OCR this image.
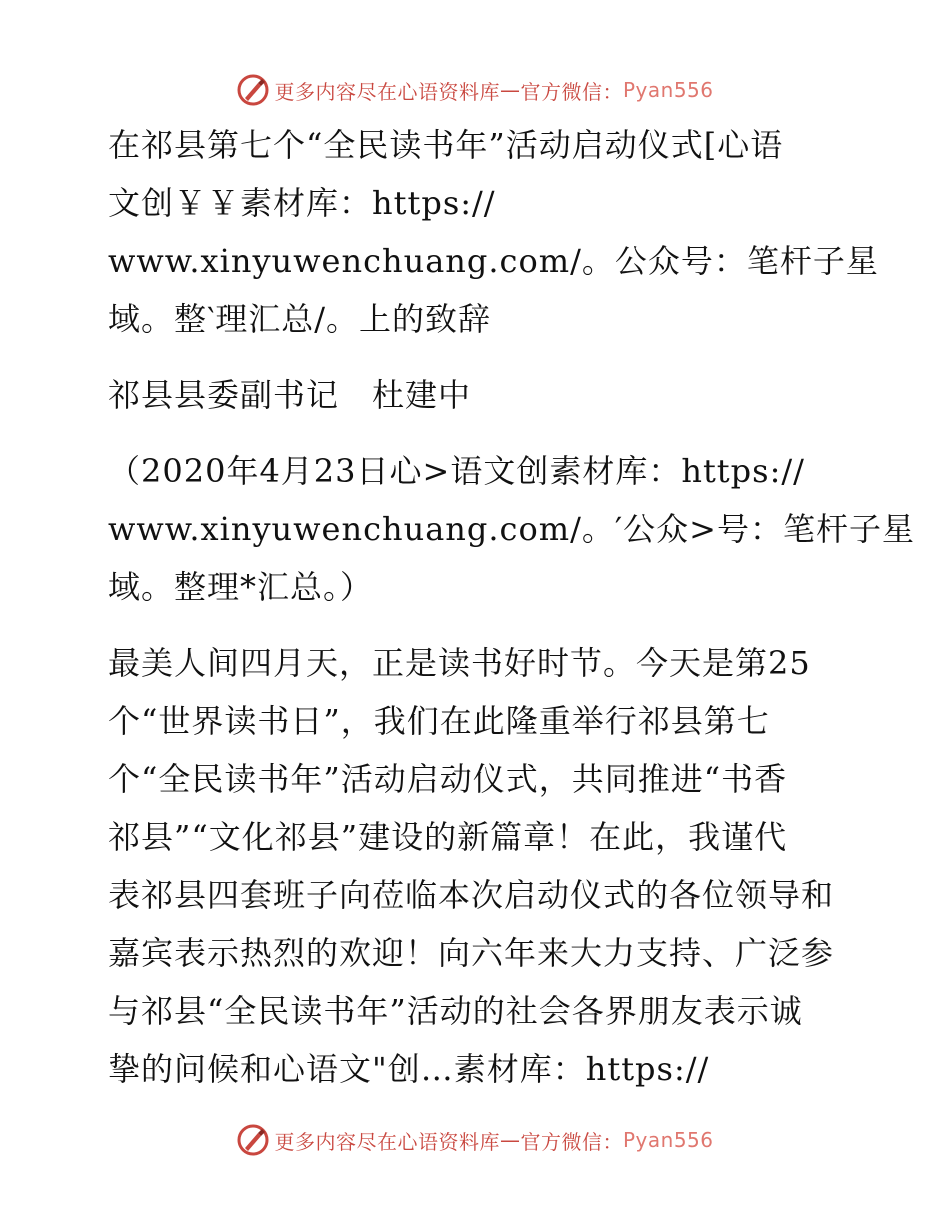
更多内容尽在心语资料库 — 官方微信： Pyan556
在祁县第七个“全民读书年”活动启动仪式[心语
文创￥￥素材库：https://
www.xinyuwenchuang.com/。公众号：笔杆子星
域。整‵理汇总/。上的致辞
祁县县委副书记　杜建中
（2020年4月23日心>语文创素材库：https://
www.xinyuwenchuang.com/。′公众>号：笔杆子星
域。整理*汇总。）
最美人间四月天，正是读书好时节。今天是第25
个“世界读书日”，我们在此隆重举行祁县第七
个“全民读书年”活动启动仪式，共同推进“书香
祁县”“文化祁县”建设的新篇章！在此，我谨代
表祁县四套班子向莅临本次启动仪式的各位领导和
嘉宾表示热烈的欢迎！向六年来大力支持、广泛参
与祁县“全民读书年”活动的社会各界朋友表示诚
挚的问候和心语文"创…素材库：https://
更多内容尽在心语资料库 — 官方微信： Pyan556
